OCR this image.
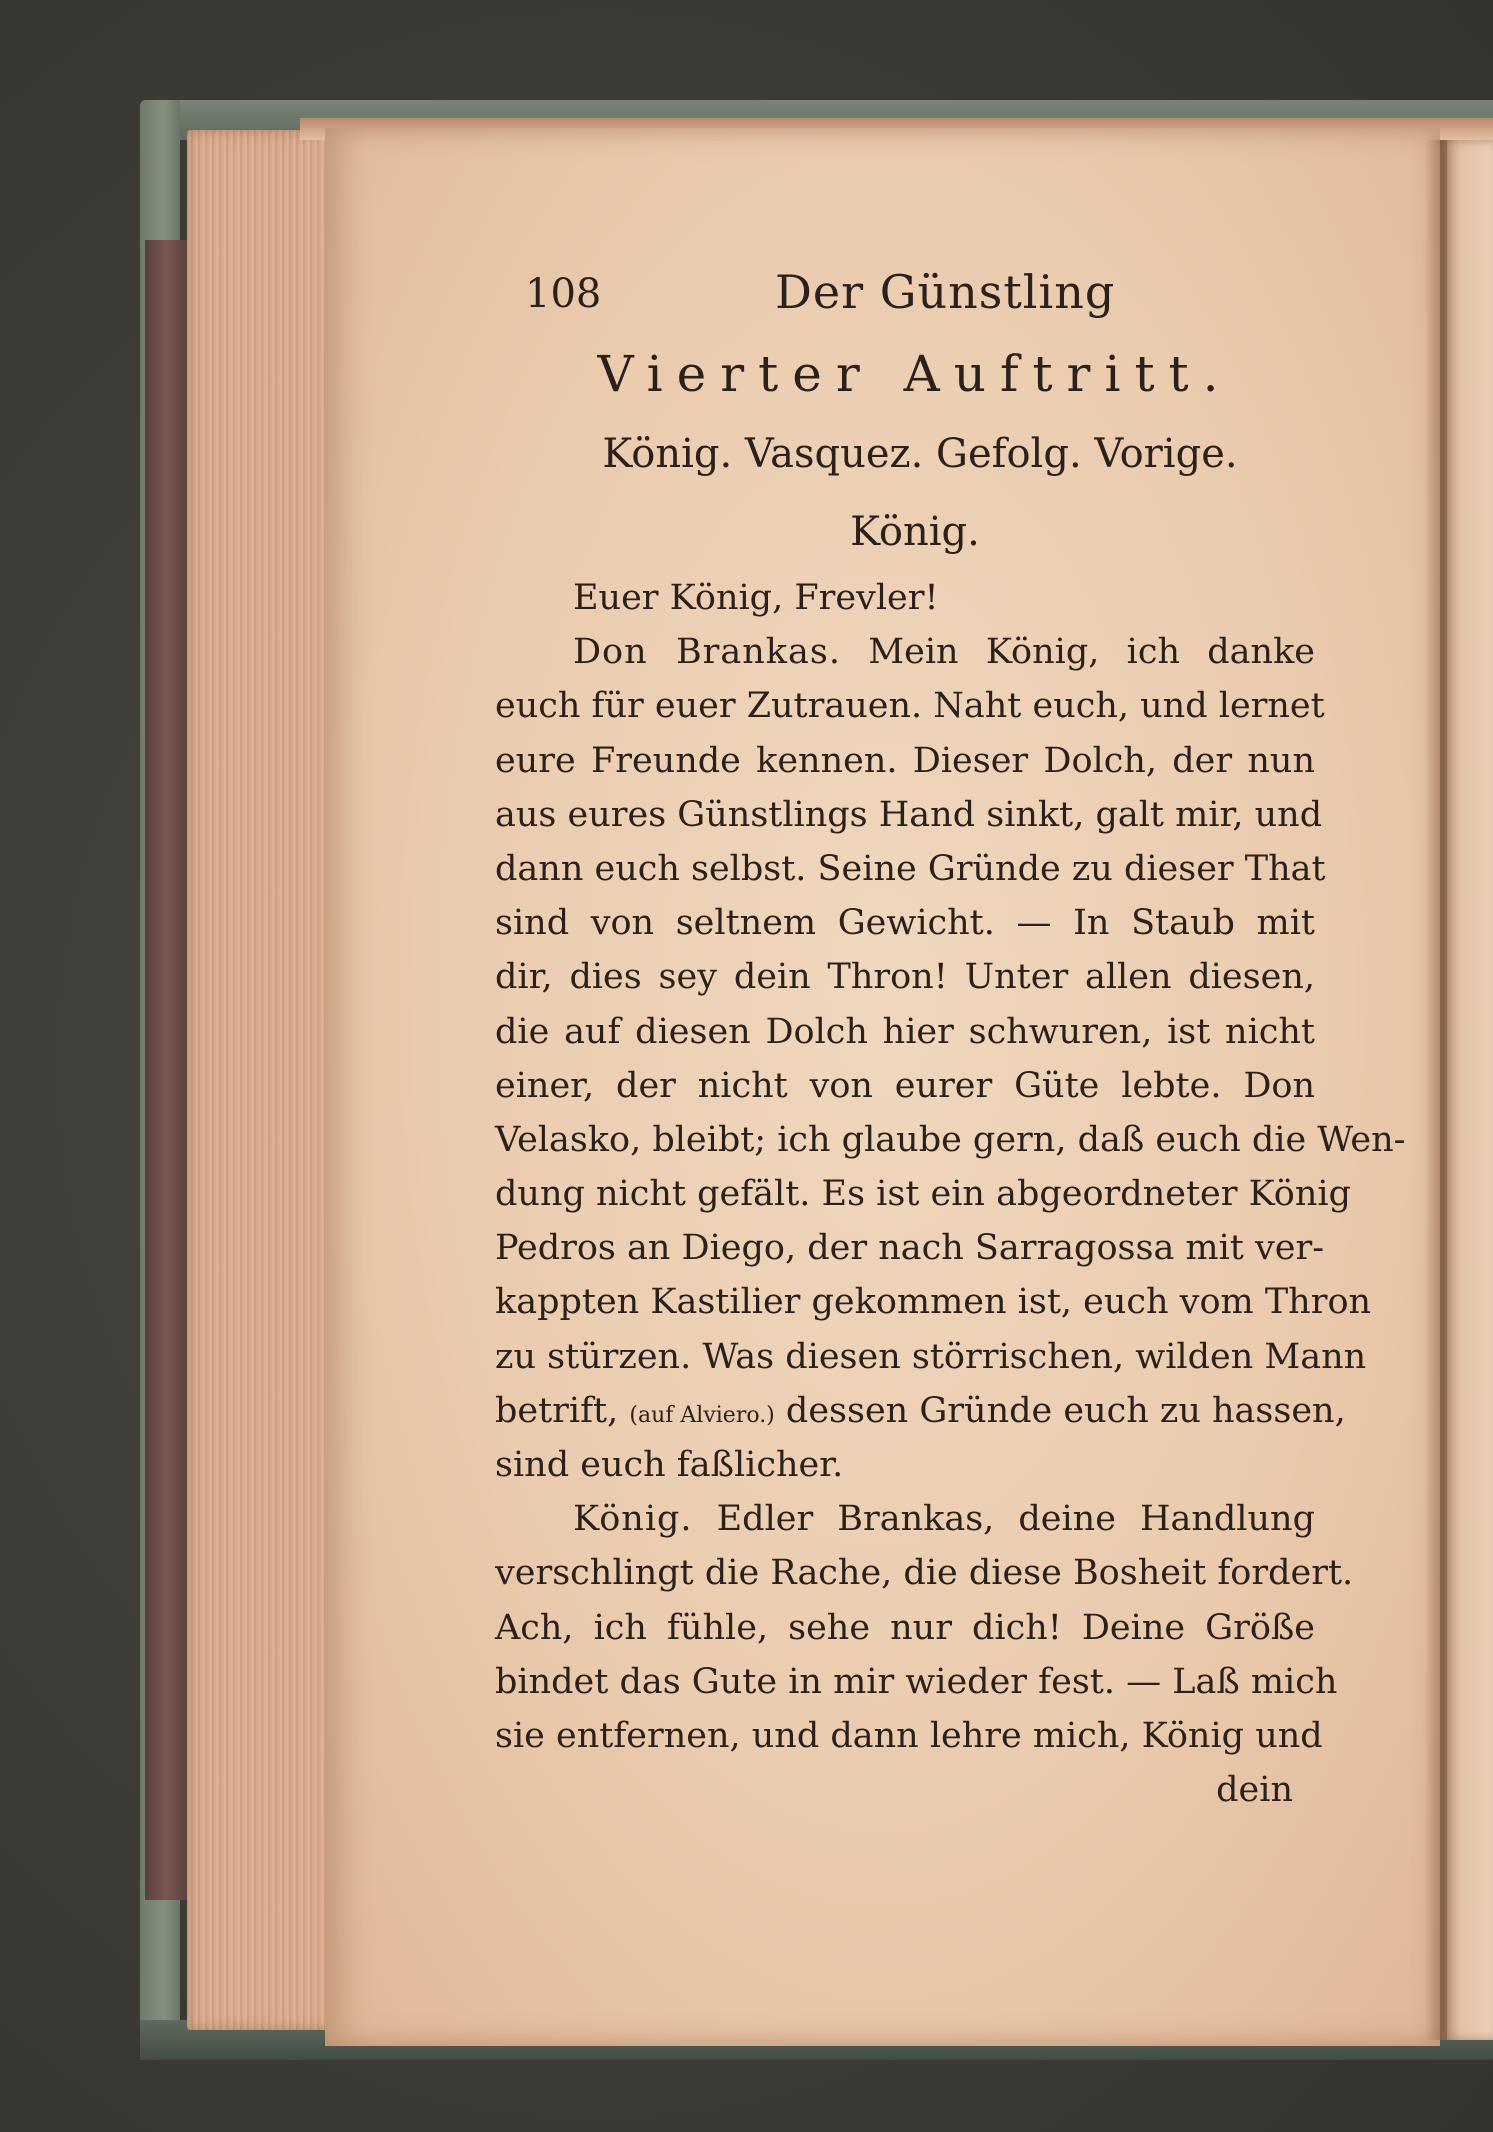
108	Der Günstling
Vierter Auftritt.
König. Vasquez. Gefolg. Vorige.
König.
Euer König, Frevler!
Don Brankas. Mein König, ich danke
euch für euer Zutrauen. Naht euch, und lernet
eure Freunde kennen. Dieser Dolch, der nun
aus eures Günstlings Hand sinkt, galt mir, und
dann euch selbst. Seine Gründe zu dieser That
sind von seltnem Gewicht. — In Staub mit
dir, dies sey dein Thron! Unter allen diesen,
die auf diesen Dolch hier schwuren, ist nicht
einer, der nicht von eurer Güte lebte. Don
Velasko, bleibt; ich glaube gern, daß euch die Wen-
dung nicht gefält. Es ist ein abgeordneter König
Pedros an Diego, der nach Sarragossa mit ver-
kappten Kastilier gekommen ist, euch vom Thron
zu stürzen. Was diesen störrischen, wilden Mann
betrift, (auf Alviero.) dessen Gründe euch zu hassen,
sind euch faßlicher.
König. Edler Brankas, deine Handlung
verschlingt die Rache, die diese Bosheit fordert.
Ach, ich fühle, sehe nur dich! Deine Größe
bindet das Gute in mir wieder fest. — Laß mich
sie entfernen, und dann lehre mich, König und
dein
